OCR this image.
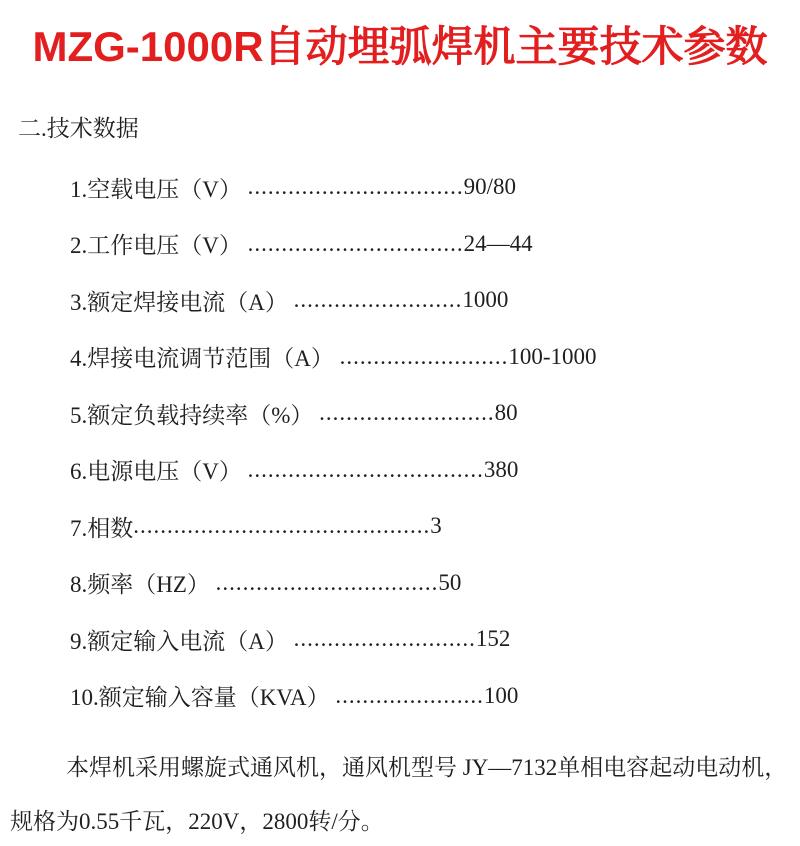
MZG-1000R自动埋弧焊机主要技术参数
二.技术数据
1.空载电压（V） ................................ 90/80
2.工作电压（V） ................................ 24—44
3.额定焊接电流（A） ......................... 1000
4.焊接电流调节范围（A） ......................... 100-1000
5.额定负载持续率（%） .......................... 80
6.电源电压（V） ................................... 380
7.相数 ............................................ 3
8.频率（HZ） ................................. 50
9.额定输入电流（A） ........................... 152
10.额定输入容量（KVA） ...................... 100

本焊机采用螺旋式通风机，通风机型号 JY—7132单相电容起动电动机，规格为0.55千瓦，220V，2800转/分。
